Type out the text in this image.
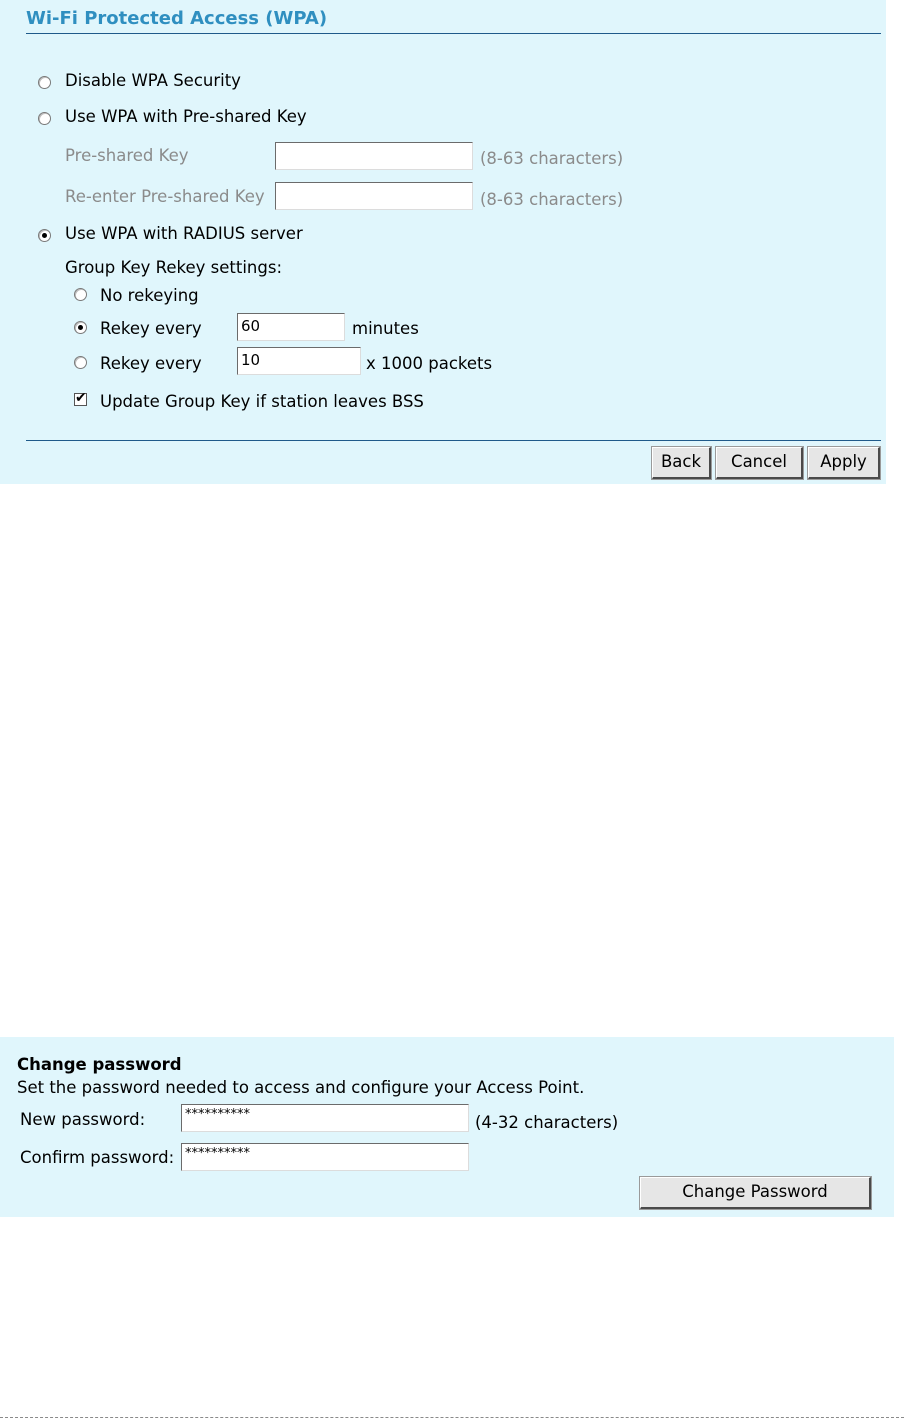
Wi-Fi Protected Access (WPA)
Disable WPA Security
Use WPA with Pre-shared Key
Pre-shared Key	(8-63 characters)
Re-enter Pre-shared Key	(8-63 characters)
Use WPA with RADIUS server
Group Key Rekey settings:
No rekeying
Rekey every	60	minutes
Rekey every	10	x 1000 packets
✔ Update Group Key if station leaves BSS
Back	Cancel	Apply
Change password
Set the password needed to access and configure your Access Point.
New password:	**********	(4-32 characters)
Confirm password: **********
Change Password
